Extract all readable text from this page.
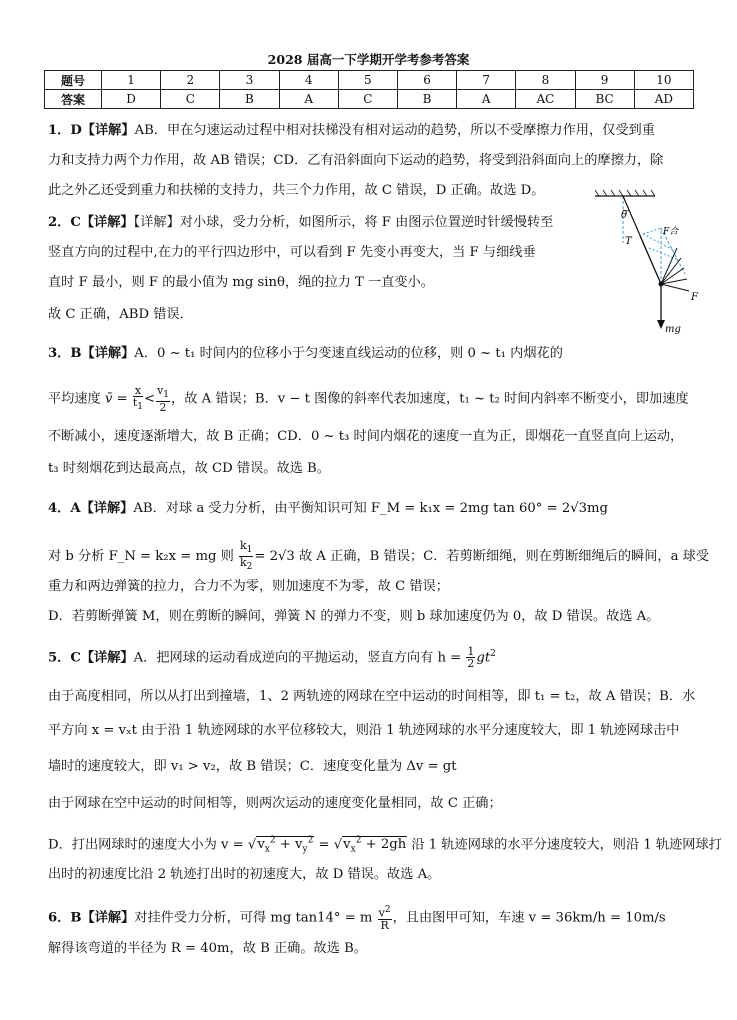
2028 届高一下学期开学考参考答案
题号	1	2	3	4	5	6	7	8	9	10
答案	D	C	B	A	C	B	A	AC	BC	AD
1．D【详解】AB．甲在匀速运动过程中相对扶梯没有相对运动的趋势，所以不受摩擦力作用，仅受到重
力和支持力两个力作用，故 AB 错误；CD．乙有沿斜面向下运动的趋势，将受到沿斜面向上的摩擦力，除
此之外乙还受到重力和扶梯的支持力，共三个力作用，故 C 错误，D 正确。故选 D。
2．C【详解】【详解】对小球，受力分析，如图所示，将 F 由图示位置逆时针缓慢转至
竖直方向的过程中,在力的平行四边形中，可以看到 F 先变小再变大，当 F 与细线垂
直时 F 最小，则 F 的最小值为 mg sinθ，绳的拉力 T 一直变小。
故 C 正确，ABD 错误．
θ
T
F合
F
mg
3．B【详解】A．0 ~ t₁ 时间内的位移小于匀变速直线运动的位移，则 0 ~ t₁ 内烟花的
平均速度 v̄ = $\frac{x}{t_1} < \frac{v_1}{2}$ ，故 A 错误；B．v − t 图像的斜率代表加速度，t₁ ~ t₂ 时间内斜率不断变小，即加速度
不断减小，速度逐渐增大，故 B 正确；CD．0 ~ t₃ 时间内烟花的速度一直为正，即烟花一直竖直向上运动，
t₃ 时刻烟花到达最高点，故 CD 错误。故选 B。
4．A【详解】AB．对球 a 受力分析，由平衡知识可知 F_M = k₁x = 2mg tan 60° = 2√3mg
对 b 分析 F_N = k₂x = mg 则 $\frac{k_1}{k_2} = 2√3$ 故 A 正确，B 错误；C．若剪断细绳，则在剪断细绳后的瞬间，a 球受
重力和两边弹簧的拉力，合力不为零，则加速度不为零，故 C 错误；
D．若剪断弹簧 M，则在剪断的瞬间，弹簧 N 的弹力不变，则 b 球加速度仍为 0，故 D 错误。故选 A。
5．C【详解】A．把网球的运动看成逆向的平抛运动，竖直方向有 $h = \frac{1}{2} gt^2$
由于高度相同，所以从打出到撞墙，1、2 两轨迹的网球在空中运动的时间相等，即 t₁ = t₂，故 A 错误；B．水
平方向 x = vₓt 由于沿 1 轨迹网球的水平位移较大，则沿 1 轨迹网球的水平分速度较大，即 1 轨迹网球击中
墙时的速度较大，即 v₁ > v₂，故 B 错误；C．速度变化量为 Δv = gt
由于网球在空中运动的时间相等，则两次运动的速度变化量相同，故 C 正确；
D．打出网球时的速度大小为 $v = √v_x^2 + v_y^2 = √v_x^2 + 2gh$ 沿 1 轨迹网球的水平分速度较大，则沿 1 轨迹网球打
出时的初速度比沿 2 轨迹打出时的初速度大，故 D 错误。故选 A。
6．B【详解】对挂件受力分析，可得 mg tan14° = m $\frac{v^2}{R}$ ，且由图甲可知，车速 v = 36km/h = 10m/s
解得该弯道的半径为 R = 40m，故 B 正确。故选 B。
